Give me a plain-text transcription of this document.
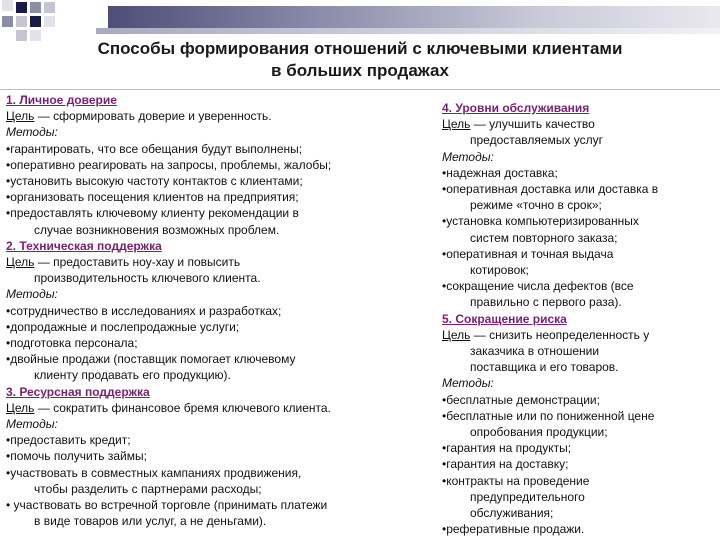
Способы формирования отношений с ключевыми клиентами
в больших продажах
1. Личное доверие
Цель — сформировать доверие и уверенность.
Методы:
•гарантировать, что все обещания будут выполнены;
•оперативно реагировать на запросы, проблемы, жалобы;
•установить высокую частоту контактов с клиентами;
•организовать посещения клиентов на предприятия;
•предоставлять ключевому клиенту рекомендации в
случае возникновения возможных проблем.
2. Техническая поддержка
Цель — предоставить ноу-хау и повысить
производительность ключевого клиента.
Методы:
•сотрудничество в исследованиях и разработках;
•допродажные и послепродажные услуги;
•подготовка персонала;
•двойные продажи (поставщик помогает ключевому
клиенту продавать его продукцию).
3. Ресурсная поддержка
Цель — сократить финансовое бремя ключевого клиента.
Методы:
•предоставить кредит;
•помочь получить займы;
•участвовать в совместных кампаниях продвижения,
чтобы разделить с партнерами расходы;
• участвовать во встречной торговле (принимать платежи
в виде товаров или услуг, а не деньгами).
4. Уровни обслуживания
Цель — улучшить качество
предоставляемых услуг
Методы:
•надежная доставка;
•оперативная доставка или доставка в
режиме «точно в срок»;
•установка компьютеризированных
систем повторного заказа;
•оперативная и точная выдача
котировок;
•сокращение числа дефектов (все
правильно с первого раза).
5. Сокращение риска
Цель — снизить неопределенность у
заказчика в отношении
поставщика и его товаров.
Методы:
•бесплатные демонстрации;
•бесплатные или по пониженной цене
опробования продукции;
•гарантия на продукты;
•гарантия на доставку;
•контракты на проведение
предупредительного
обслуживания;
•реферативные продажи.
